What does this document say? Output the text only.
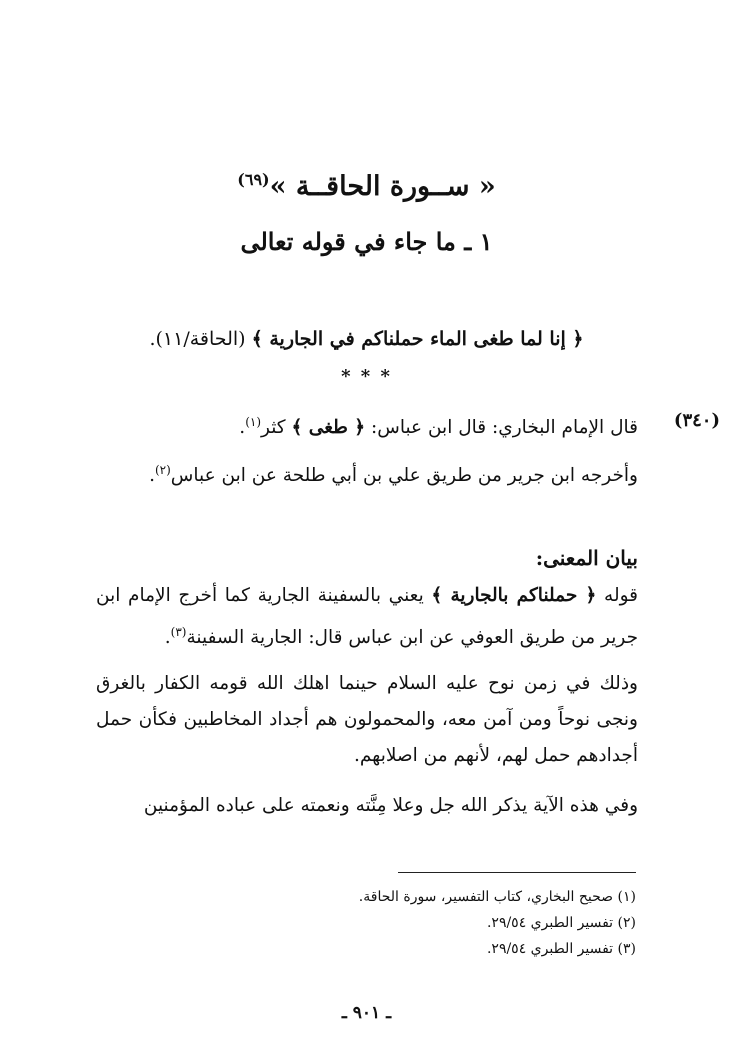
« ســورة الحاقــة »$^{(٦٩)}$
١ ـ ما جاء في قوله تعالى
﴿ إنا لما طغى الماء حملناكم في الجارية ﴾ (الحاقة/١١).
* * *
(٣٤٠)
قال الإمام البخاري: قال ابن عباس: ﴿ طغى ﴾ كثر$^{(١)}$.
وأخرجه ابن جرير من طريق علي بن أبي طلحة عن ابن عباس$^{(٢)}$.
بيان المعنى:
قوله ﴿ حملناكم بالجارية ﴾ يعني بالسفينة الجارية كما أخرج الإمام ابن جرير من طريق العوفي عن ابن عباس قال: الجارية السفينة$^{(٣)}$.
وذلك في زمن نوح عليه السلام حينما اهلك الله قومه الكفار بالغرق ونجى نوحاً ومن آمن معه، والمحمولون هم أجداد المخاطبين فكأن حمل أجدادهم حمل لهم، لأنهم من اصلابهم.
وفي هذه الآية يذكر الله جل وعلا مِنَّته ونعمته على عباده المؤمنين
(١) صحيح البخاري، كتاب التفسير، سورة الحاقة.
(٢) تفسير الطبري ٢٩/٥٤.
(٣) تفسير الطبري ٢٩/٥٤.
ـ ٩٠١ ـ
